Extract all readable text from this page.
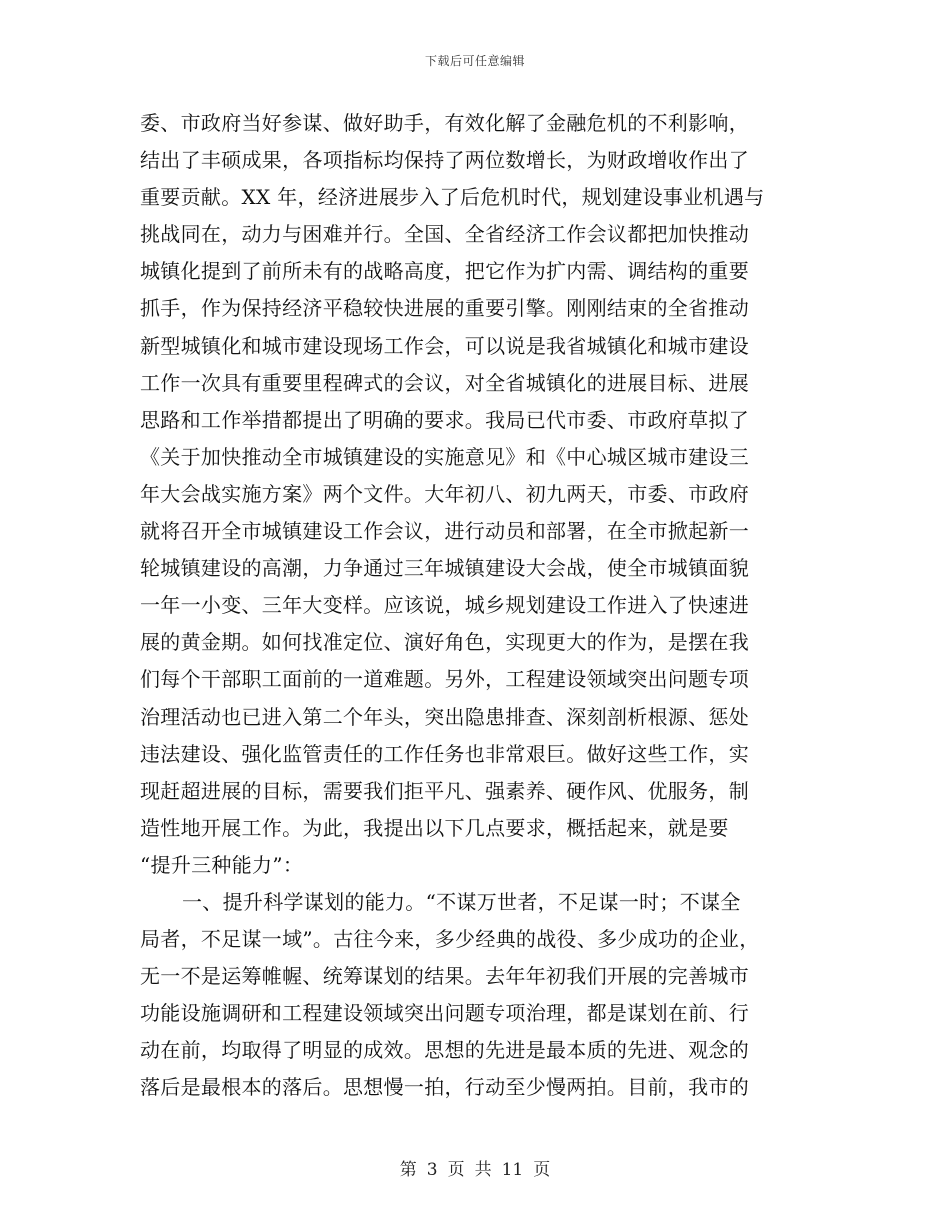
下载后可任意编辑
委、市政府当好参谋、做好助手，有效化解了金融危机的不利影响，
结出了丰硕成果，各项指标均保持了两位数增长，为财政增收作出了
重要贡献。XX 年，经济进展步入了后危机时代，规划建设事业机遇与
挑战同在，动力与困难并行。全国、全省经济工作会议都把加快推动
城镇化提到了前所未有的战略高度，把它作为扩内需、调结构的重要
抓手，作为保持经济平稳较快进展的重要引擎。刚刚结束的全省推动
新型城镇化和城市建设现场工作会，可以说是我省城镇化和城市建设
工作一次具有重要里程碑式的会议，对全省城镇化的进展目标、进展
思路和工作举措都提出了明确的要求。我局已代市委、市政府草拟了
《关于加快推动全市城镇建设的实施意见》和《中心城区城市建设三
年大会战实施方案》两个文件。大年初八、初九两天，市委、市政府
就将召开全市城镇建设工作会议，进行动员和部署，在全市掀起新一
轮城镇建设的高潮，力争通过三年城镇建设大会战，使全市城镇面貌
一年一小变、三年大变样。应该说，城乡规划建设工作进入了快速进
展的黄金期。如何找准定位、演好角色，实现更大的作为，是摆在我
们每个干部职工面前的一道难题。另外，工程建设领域突出问题专项
治理活动也已进入第二个年头，突出隐患排查、深刻剖析根源、惩处
违法建设、强化监管责任的工作任务也非常艰巨。做好这些工作，实
现赶超进展的目标，需要我们拒平凡、强素养、硬作风、优服务，制
造性地开展工作。为此，我提出以下几点要求，概括起来，就是要
“提升三种能力”：
一、提升科学谋划的能力。“不谋万世者，不足谋一时；不谋全
局者，不足谋一域”。古往今来，多少经典的战役、多少成功的企业，
无一不是运筹帷幄、统筹谋划的结果。去年年初我们开展的完善城市
功能设施调研和工程建设领域突出问题专项治理，都是谋划在前、行
动在前，均取得了明显的成效。思想的先进是最本质的先进、观念的
落后是最根本的落后。思想慢一拍，行动至少慢两拍。目前，我市的
第 3 页 共 11 页
